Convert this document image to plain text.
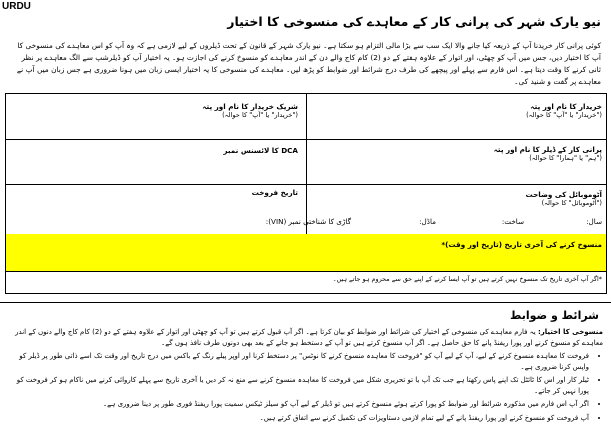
URDU
نیو یارک شہر کی پرانی کار کے معاہدے کی منسوخی کا اختیار
کوئی پرانی کار خریدنا آپ کے ذریعہ کیا جانے والا ایک سب سے بڑا مالی التزام ہو سکتا ہے۔ نیو یارک شہر کے قانون کے تحت ڈیلروں کے لیے لازمی ہے کہ وہ آپ کو اس معاہدے کی منسوخی کا آپ کا اختیار دیں، جس میں آپ کو چھٹی، اور اتوار کے علاوہ ہفتے کے دو (2) کام کاج والے دن کے اندر معاہدے کو منسوخ کرنے کی اجازت ہو۔ یہ اختیار آپ کو ڈیلرشپ سے الگ معاہدے پر نظر ثانی کرنے کا وقت دیتا ہے۔ اس فارم سے پہلے اور پیچھے کی طرف درج شرائط اور ضوابط کو پڑھ لیں۔ معاہدے کی منسوخی کا یہ اختیار ایسی زبان میں ہونا ضروری ہے جس زبان میں آپ نے معاہدے پر گفت و شنید کی۔
خریدار کا نام اور پتہ
("خریدار" یا "آپ" کا حوالہ)
شریک خریدار کا نام اور پتہ
("خریدار" یا "آپ" کا حوالہ)
پرانی کار کے ڈیلر کا نام اور پتہ
("ہم" یا "ہمارا" کا حوالہ)
DCA کا لائسنس نمبر
آٹوموبائل کی وضاحت
("آٹوموبائل" کا حوالہ)
تاریخ فروخت
سال:
ساخت:
ماڈل:
گاڑی کا شناختی نمبر (VIN):
منسوخ کرنے کی آخری تاریخ (تاریخ اور وقت)*
*اگر آپ آخری تاریخ تک منسوخ نہیں کرتے ہیں تو آپ ایسا کرنے کے اپنے حق سے محروم ہو جاتے ہیں۔
شرائط و ضوابط

منسوخی کا اختیار: یہ فارم معاہدے کی منسوخی کے اختیار کی شرائط اور ضوابط کو بیان کرتا ہے۔ اگر آپ قبول کرتے ہیں تو آپ کو چھٹی اور اتوار کے علاوہ ہفتے کے دو (2) کام کاج والے دنوں کے اندر معاہدے کو منسوخ کرنے اور پورا ریفنڈ پانے کا حق حاصل ہے۔ اگر آپ منسوخ کرتے ہیں تو آپ کے دستخط ہو جانے کے بعد بھی دونوں طرف نافذ ہوں گے۔

• فروخت کا معاہدہ منسوخ کرنے کے لیے، آپ کے لیے آپ کو "فروخت کا معاہدہ منسوخ کرنے کا نوٹس" پر دستخط کرنا اور اوپر پیلے رنگ کے باکس میں درج تاریخ اور وقت تک اسے ذاتی طور پر ڈیلر کو واپس کرنا ضروری ہے۔
• ٹیلر کار اور اس کا ٹائٹل تک اپنے پاس رکھتا ہے جب تک آپ یا تو تحریری شکل میں فروخت کا معاہدہ منسوخ کرنے سے منع نہ کر دیں یا آخری تاریخ سے پہلے کاروائی کرنے میں ناکام ہو کر فروخت کو پورا نہیں کر جاتے۔
• اگر آپ اس فارم میں مذکورہ شرائط اور ضوابط کو پورا کرتے ہوئے منسوخ کرتے ہیں تو ڈیلر کے لیے آپ کو سیلز ٹیکس سمیت پورا ریفنڈ فوری طور پر دینا ضروری ہے۔
• آپ فروخت کو منسوخ کرنے اور پورا ریفنڈ پانے کے لیے تمام لازمی دستاویزات کی تکمیل کرنے سے اتفاق کرتے ہیں۔
